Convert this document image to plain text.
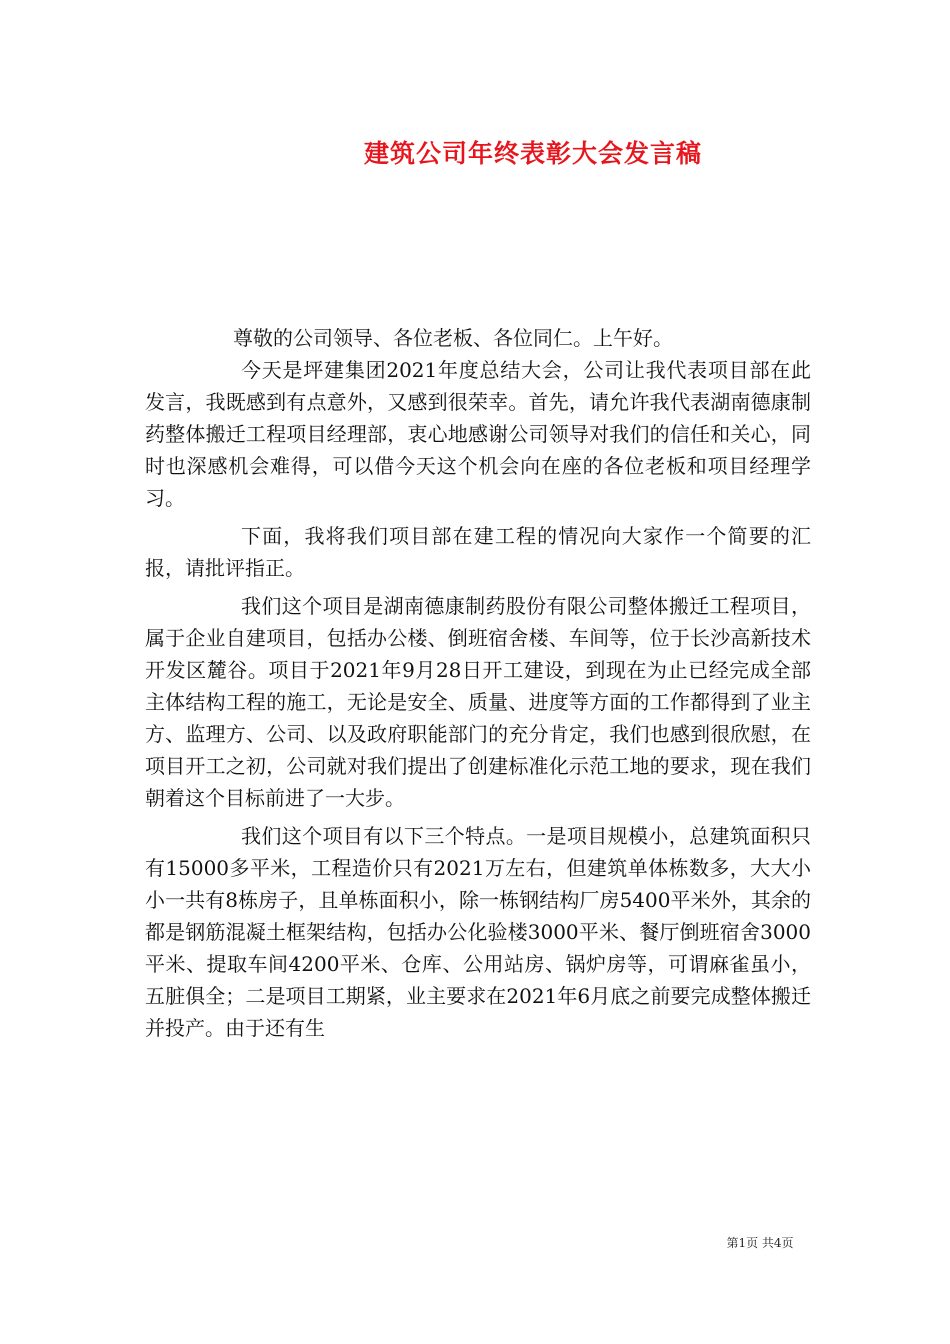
建筑公司年终表彰大会发言稿

尊敬的公司领导、各位老板、各位同仁。上午好。

今天是坪建集团2021年度总结大会，公司让我代表项目部在此发言，我既感到有点意外，又感到很荣幸。首先，请允许我代表湖南德康制药整体搬迁工程项目经理部，衷心地感谢公司领导对我们的信任和关心，同时也深感机会难得，可以借今天这个机会向在座的各位老板和项目经理学习。

下面，我将我们项目部在建工程的情况向大家作一个简要的汇报，请批评指正。

我们这个项目是湖南德康制药股份有限公司整体搬迁工程项目，属于企业自建项目，包括办公楼、倒班宿舍楼、车间等，位于长沙高新技术开发区麓谷。项目于2021年9月28日开工建设，到现在为止已经完成全部主体结构工程的施工，无论是安全、质量、进度等方面的工作都得到了业主方、监理方、公司、以及政府职能部门的充分肯定，我们也感到很欣慰，在项目开工之初，公司就对我们提出了创建标准化示范工地的要求，现在我们朝着这个目标前进了一大步。

我们这个项目有以下三个特点。一是项目规模小，总建筑面积只有15000多平米，工程造价只有2021万左右，但建筑单体栋数多，大大小小一共有8栋房子，且单栋面积小，除一栋钢结构厂房5400平米外，其余的都是钢筋混凝土框架结构，包括办公化验楼3000平米、餐厅倒班宿舍3000平米、提取车间4200平米、仓库、公用站房、锅炉房等，可谓麻雀虽小，五脏俱全；二是项目工期紧，业主要求在2021年6月底之前要完成整体搬迁并投产。由于还有生

第1页 共4页
